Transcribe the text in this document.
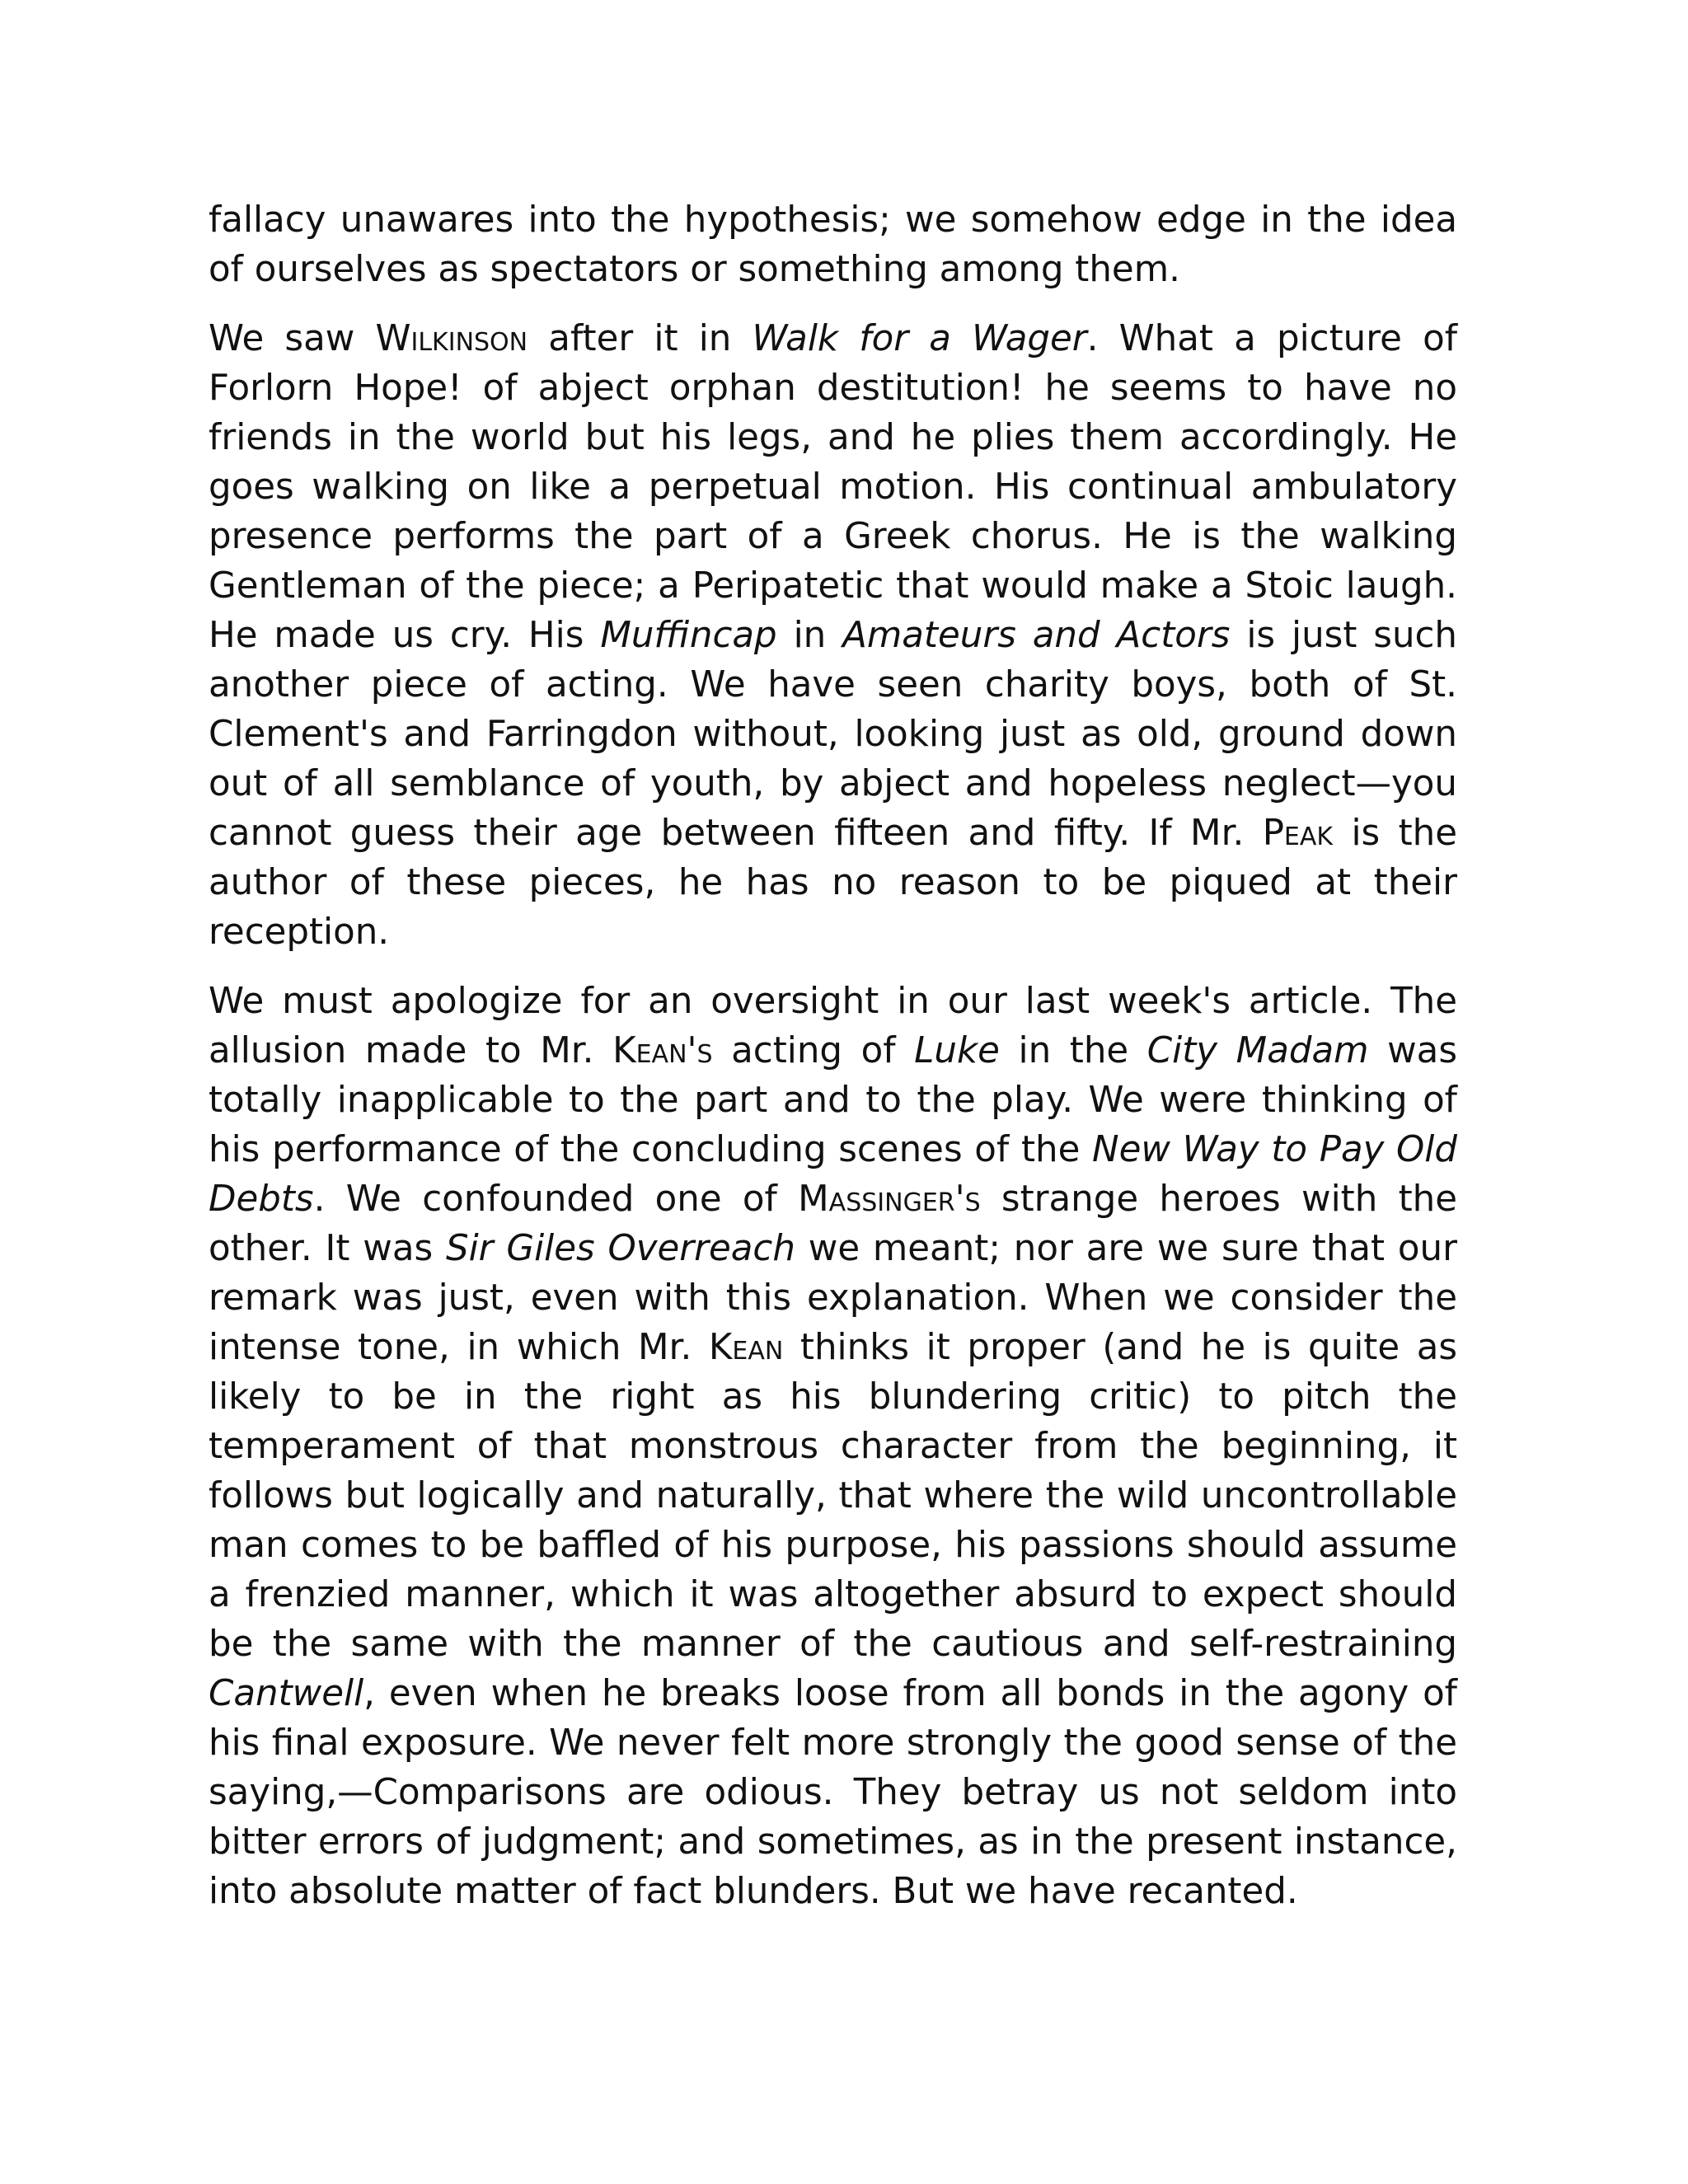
fallacy unawares into the hypothesis; we somehow edge in the idea of ourselves as spectators or something among them.

We saw Wilkinson after it in Walk for a Wager. What a picture of Forlorn Hope! of abject orphan destitution! he seems to have no friends in the world but his legs, and he plies them accordingly. He goes walking on like a perpetual motion. His continual ambulatory presence performs the part of a Greek chorus. He is the walking Gentleman of the piece; a Peripatetic that would make a Stoic laugh. He made us cry. His Muffincap in Amateurs and Actors is just such another piece of acting. We have seen charity boys, both of St. Clement's and Farringdon without, looking just as old, ground down out of all semblance of youth, by abject and hopeless neglect—you cannot guess their age between fifteen and fifty. If Mr. Peak is the author of these pieces, he has no reason to be piqued at their reception.

We must apologize for an oversight in our last week's article. The allusion made to Mr. Kean's acting of Luke in the City Madam was totally inapplicable to the part and to the play. We were thinking of his performance of the concluding scenes of the New Way to Pay Old Debts. We confounded one of Massinger's strange heroes with the other. It was Sir Giles Overreach we meant; nor are we sure that our remark was just, even with this explanation. When we consider the intense tone, in which Mr. Kean thinks it proper (and he is quite as likely to be in the right as his blundering critic) to pitch the temperament of that monstrous character from the beginning, it follows but logically and naturally, that where the wild uncontrollable man comes to be baffled of his purpose, his passions should assume a frenzied manner, which it was altogether absurd to expect should be the same with the manner of the cautious and self-restraining Cantwell, even when he breaks loose from all bonds in the agony of his final exposure. We never felt more strongly the good sense of the saying,—Comparisons are odious. They betray us not seldom into bitter errors of judgment; and sometimes, as in the present instance, into absolute matter of fact blunders. But we have recanted.
